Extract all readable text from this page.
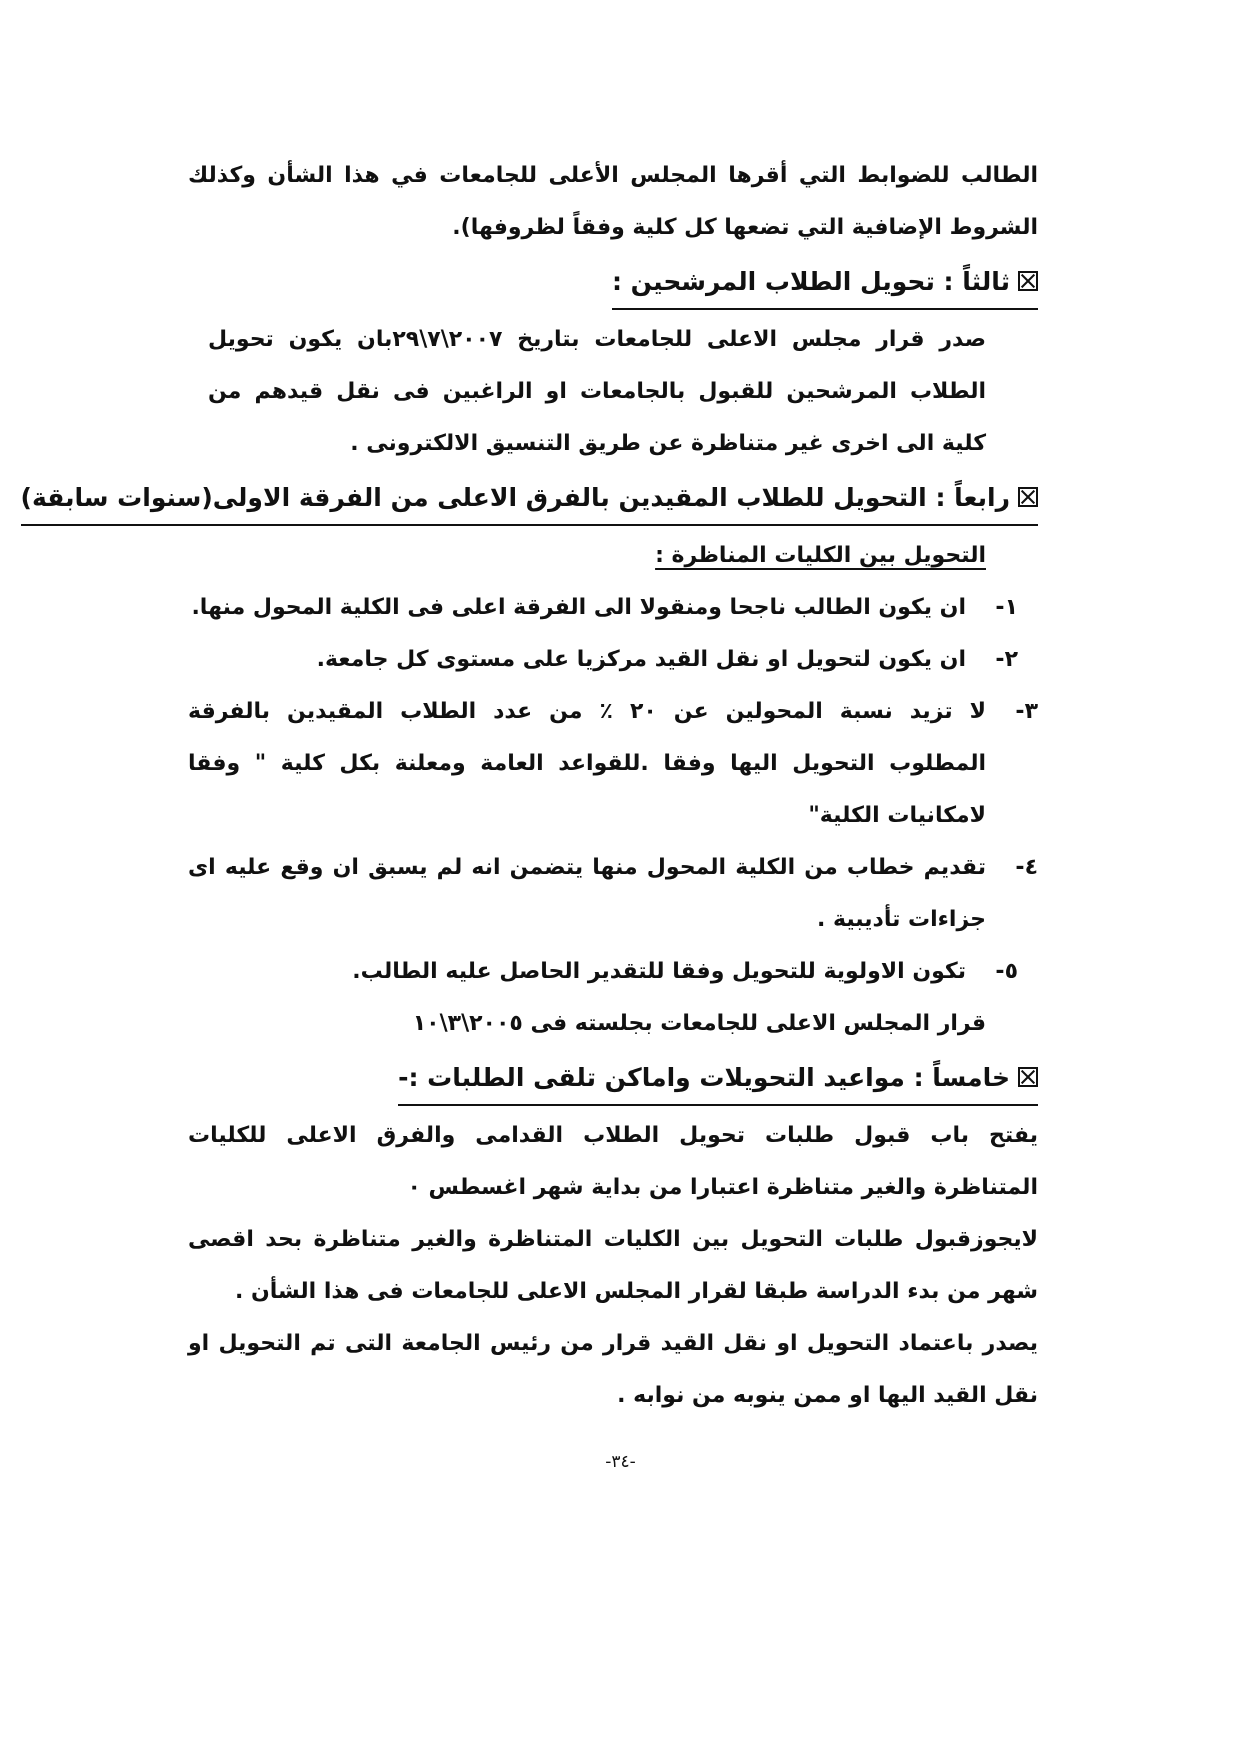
الطالب للضوابط التي أقرها المجلس الأعلى للجامعات في هذا الشأن وكذلك

الشروط الإضافية التي تضعها كل كلية وفقاً لظروفها).

ثالثاً : تحويل الطلاب المرشحين :

صدر قرار مجلس الاعلى للجامعات بتاريخ ٢٠٠٧\٧\٢٩بان يكون تحويل الطلاب المرشحين للقبول بالجامعات او الراغبين فى نقل قيدهم من كلية الى اخرى غير متناظرة عن طريق التنسيق الالكترونى .

رابعاً : التحويل للطلاب المقيدين بالفرق الاعلى من الفرقة الاولى(سنوات سابقة)

التحويل بين الكليات المناظرة :

١-
ان يكون الطالب ناجحا ومنقولا الى الفرقة اعلى فى الكلية المحول منها.
٢-
ان يكون لتحويل او نقل القيد مركزيا على مستوى كل جامعة.
٣-
لا تزيد نسبة المحولين عن ٢٠ ٪ من عدد الطلاب المقيدين بالفرقة المطلوب التحويل اليها وفقا .للقواعد العامة ومعلنة بكل كلية " وفقا لامكانيات الكلية"
٤-
تقديم خطاب من الكلية المحول منها يتضمن انه لم يسبق ان وقع عليه اى جزاءات تأديبية .
٥-
تكون الاولوية للتحويل وفقا للتقدير الحاصل عليه الطالب.

قرار المجلس الاعلى للجامعات بجلسته فى ٢٠٠٥\٣\١٠

خامساً : مواعيد التحويلات واماكن تلقى الطلبات :-

يفتح باب قبول طلبات تحويل الطلاب القدامى والفرق الاعلى للكليات المتناظرة والغير متناظرة اعتبارا من بداية شهر اغسطس ٠

لايجوزقبول طلبات التحويل بين الكليات المتناظرة والغير متناظرة بحد اقصى شهر من بدء الدراسة طبقا لقرار المجلس الاعلى للجامعات فى هذا الشأن .

يصدر باعتماد التحويل او نقل القيد قرار من رئيس الجامعة التى تم التحويل او نقل القيد اليها او ممن ينوبه من نوابه .

-٣٤-
